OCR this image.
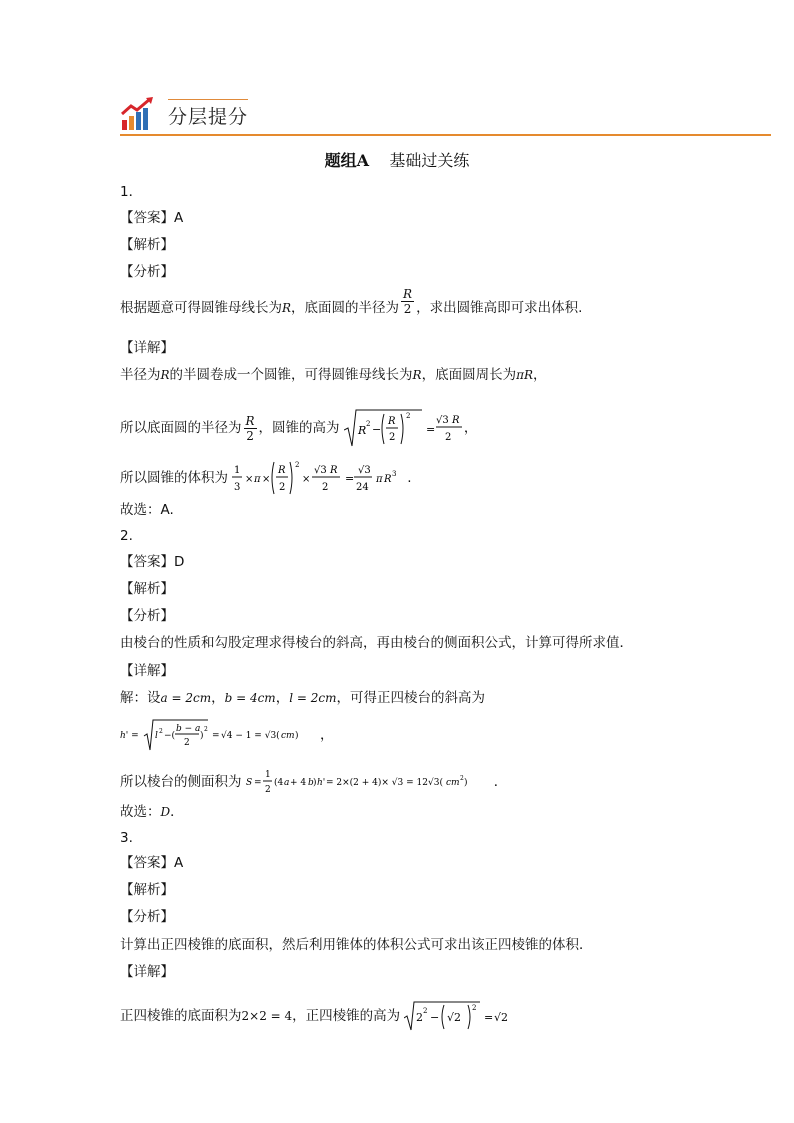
分层提分
题组A 基础过关练
1．
【答案】A
【解析】
【分析】
根据题意可得圆锥母线长为R，底面圆的半径为 $\frac{R}{2}$ ，求出圆锥高即可求出体积.
【详解】
半径为R的半圆卷成一个圆锥，可得圆锥母线长为R，底面圆周长为πR，
所以底面圆的半径为 $\frac{R}{2}$ ，圆锥的高为 R 2 −
R
2
2
=
√3 R
2
，
所以圆锥的体积为 1
3
× π ×
R
2
2
×
√3 R
2
=
√3
24
π R 3 .
故选：A.
2.
【答案】D
【解析】
【分析】
由棱台的性质和勾股定理求得棱台的斜高，再由棱台的侧面积公式，计算可得所求值．
【详解】
解：设a = 2cm，b = 4cm，l = 2cm，可得正四棱台的斜高为
h' = l 2 −(
b − a
2
)
2
= √4 − 1 = √3( cm ) ，
所以棱台的侧面积为 S =
1
2
(4 a + 4 b ) h' = 2×(2 + 4)× √3 = 12√3( cm 2 ) ．
故选：D．
3.
【答案】A
【解析】
【分析】
计算出正四棱锥的底面积，然后利用锥体的体积公式可求出该正四棱锥的体积．
【详解】
正四棱锥的底面积为2×2 = 4，正四棱锥的高为 2 2 − √2
2
= √2
